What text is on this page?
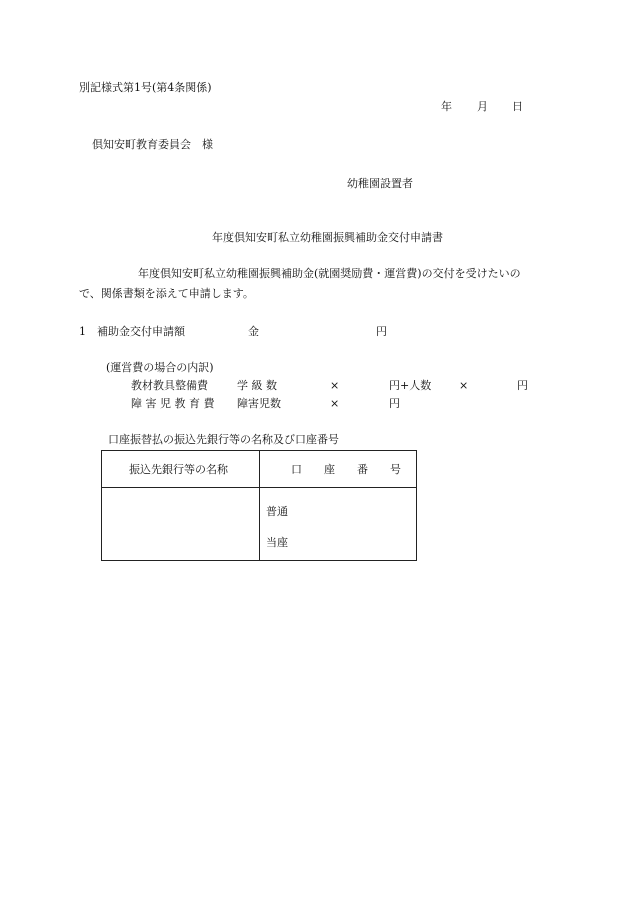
別記様式第1号(第4条関係)
年 月 日
倶知安町教育委員会　様
幼稚園設置者
年度倶知安町私立幼稚園振興補助金交付申請書
年度倶知安町私立幼稚園振興補助金(就園奨励費・運営費)の交付を受けたいの
で、関係書類を添えて申請します。
1 補助金交付申請額	金	円
(運営費の場合の内訳)
教材教具整備費	学 級 数	×	円+人数	×	円
障 害 児 教 育 費 障害児数	×	円
口座振替払の振込先銀行等の名称及び口座番号
振込先銀行等の名称	口　　座　　番　　号
普通
当座
